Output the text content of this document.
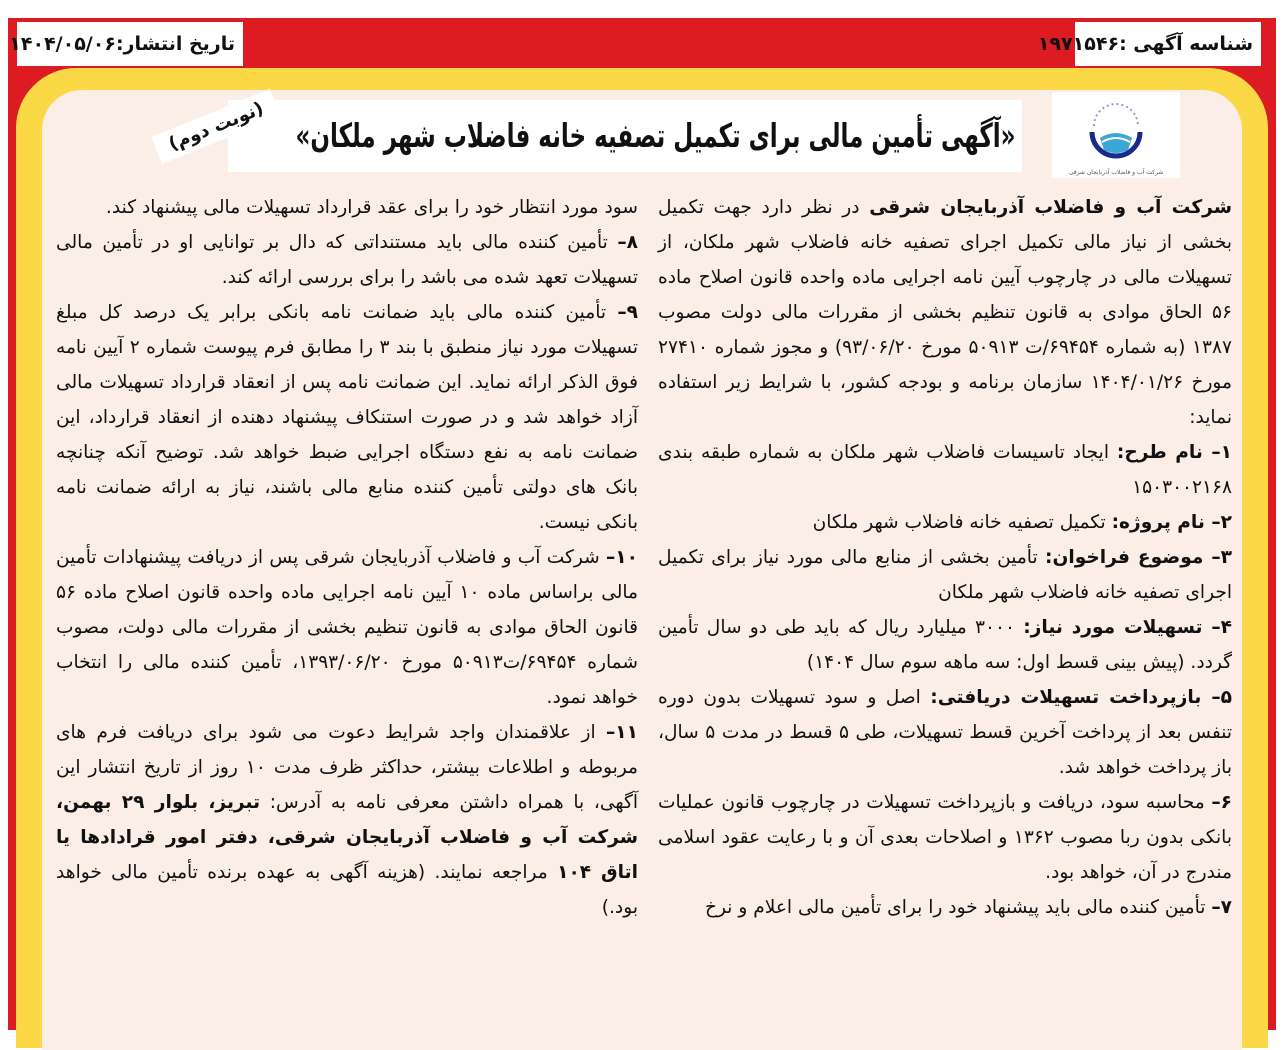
شناسه آگهی :۱۹۷۱۵۴۶
تاریخ انتشار:۱۴۰۴/۰۵/۰۶
«آگهی تأمین مالی برای تکمیل تصفیه خانه فاضلاب شهر ملکان»
(نوبت دوم)
شرکت آب و فاضلاب آذربایجان شرقی

شرکت آب و فاضلاب آذربایجان شرقی در نظر دارد جهت تکمیل بخشی از نیاز مالی تکمیل اجرای تصفیه خانه فاضلاب شهر ملکان، از تسهیلات مالی در چارچوب آیین نامه اجرایی ماده واحده قانون اصلاح ماده ۵۶ الحاق موادی به قانون تنظیم بخشی از مقررات مالی دولت مصوب ۱۳۸۷ (به شماره ۶۹۴۵۴/ت ۵۰۹۱۳ مورخ ۹۳/۰۶/۲۰) و مجوز شماره ۲۷۴۱۰ مورخ ۱۴۰۴/۰۱/۲۶ سازمان برنامه و بودجه کشور، با شرایط زیر استفاده نماید:

۱– نام طرح: ایجاد تاسیسات فاضلاب شهر ملکان به شماره طبقه بندی ۱۵۰۳۰۰۲۱۶۸

۲– نام پروژه: تکمیل تصفیه خانه فاضلاب شهر ملکان

۳– موضوع فراخوان: تأمین بخشی از منابع مالی مورد نیاز برای تکمیل اجرای تصفیه خانه فاضلاب شهر ملکان

۴– تسهیلات مورد نیاز: ۳۰۰۰ میلیارد ریال که باید طی دو سال تأمین گردد. (پیش بینی قسط اول: سه ماهه سوم سال ۱۴۰۴)

۵– بازپرداخت تسهیلات دریافتی: اصل و سود تسهیلات بدون دوره تنفس بعد از پرداخت آخرین قسط تسهیلات، طی ۵ قسط در مدت ۵ سال، باز پرداخت خواهد شد.

۶– محاسبه سود، دریافت و بازپرداخت تسهیلات در چارچوب قانون عملیات بانکی بدون ربا مصوب ۱۳۶۲ و اصلاحات بعدی آن و با رعایت عقود اسلامی مندرج در آن، خواهد بود.

۷– تأمین کننده مالی باید پیشنهاد خود را برای تأمین مالی اعلام و نرخ

سود مورد انتظار خود را برای عقد قرارداد تسهیلات مالی پیشنهاد کند.

۸– تأمین کننده مالی باید مستنداتی که دال بر توانایی او در تأمین مالی تسهیلات تعهد شده می باشد را برای بررسی ارائه کند.

۹– تأمین کننده مالی باید ضمانت نامه بانکی برابر یک درصد کل مبلغ تسهیلات مورد نیاز منطبق با بند ۳ را مطابق فرم پیوست شماره ۲ آیین نامه فوق الذکر ارائه نماید. این ضمانت نامه پس از انعقاد قرارداد تسهیلات مالی آزاد خواهد شد و در صورت استنکاف پیشنهاد دهنده از انعقاد قرارداد، این ضمانت نامه به نفع دستگاه اجرایی ضبط خواهد شد. توضیح آنکه چنانچه بانک های دولتی تأمین کننده منابع مالی باشند، نیاز به ارائه ضمانت نامه بانکی نیست.

۱۰– شرکت آب و فاضلاب آذربایجان شرقی پس از دریافت پیشنهادات تأمین مالی براساس ماده ۱۰ آیین نامه اجرایی ماده واحده قانون اصلاح ماده ۵۶ قانون الحاق موادی به قانون تنظیم بخشی از مقررات مالی دولت، مصوب شماره ۶۹۴۵۴/ت۵۰۹۱۳ مورخ ۱۳۹۳/۰۶/۲۰، تأمین کننده مالی را انتخاب خواهد نمود.

۱۱– از علاقمندان واجد شرایط دعوت می شود برای دریافت فرم های مربوطه و اطلاعات بیشتر، حداکثر ظرف مدت ۱۰ روز از تاریخ انتشار این آگهی، با همراه داشتن معرفی نامه به آدرس: تبریز، بلوار ۲۹ بهمن، شرکت آب و فاضلاب آذربایجان شرقی، دفتر امور قرادادها یا اتاق ۱۰۴ مراجعه نمایند. (هزینه آگهی به عهده برنده تأمین مالی خواهد بود.)
